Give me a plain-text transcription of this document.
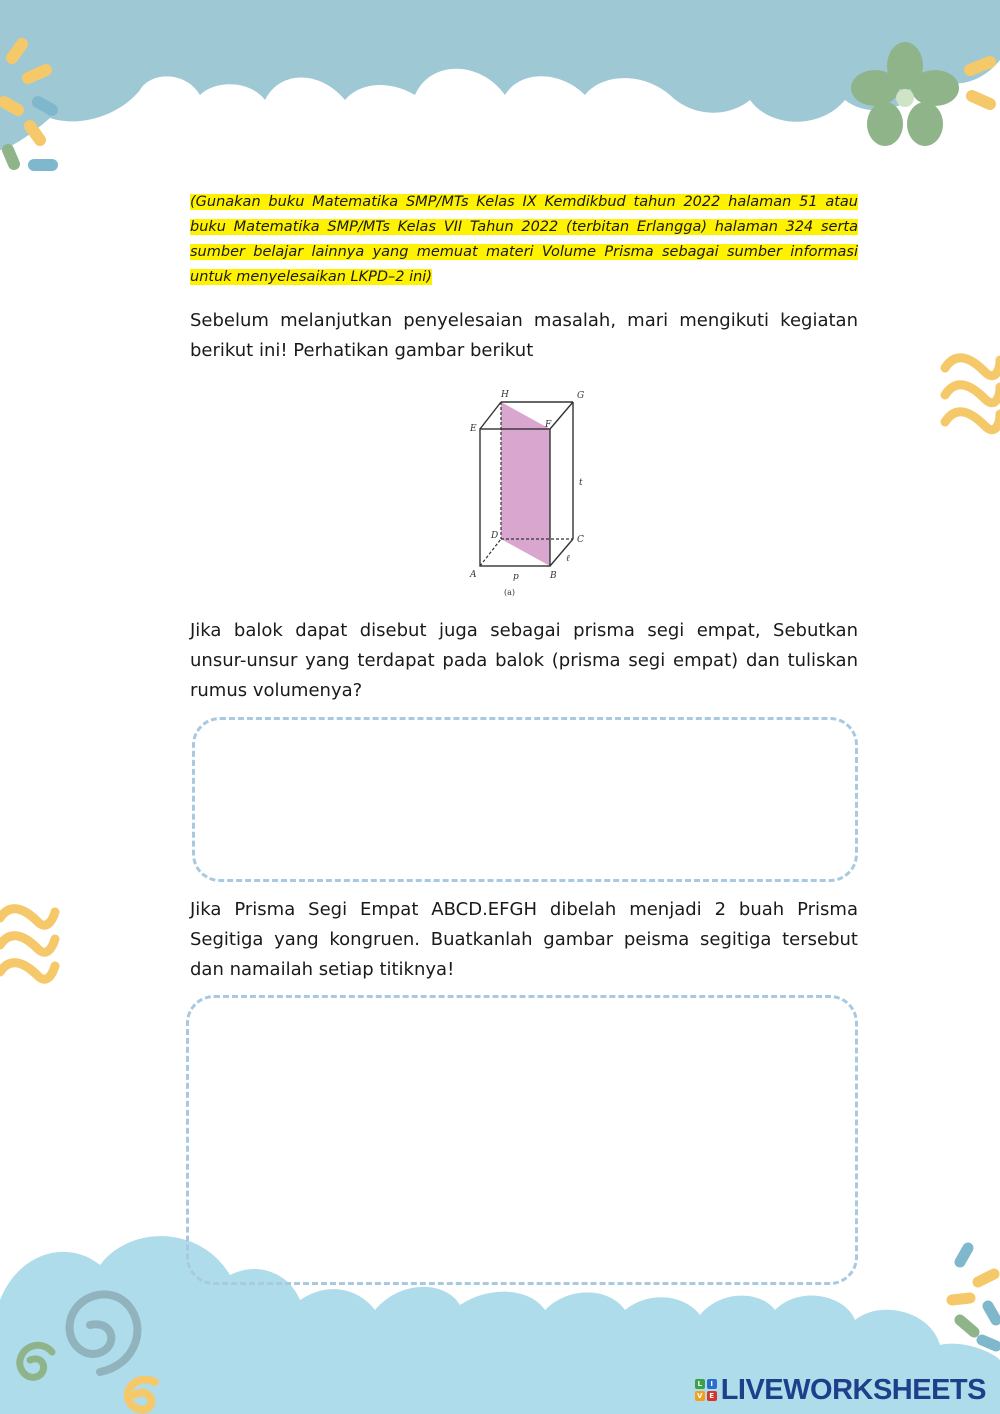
(Gunakan buku Matematika SMP/MTs Kelas IX Kemdikbud tahun 2022 halaman 51 atau buku Matematika SMP/MTs Kelas VII Tahun 2022 (terbitan Erlangga) halaman 324 serta sumber belajar lainnya yang memuat materi Volume Prisma sebagai sumber informasi untuk menyelesaikan LKPD–2 ini)

Sebelum melanjutkan penyelesaian masalah, mari mengikuti kegiatan berikut ini! Perhatikan gambar berikut

H	G
E	F
t
D	C
ℓ
A	p	B
(a)

Jika balok dapat disebut juga sebagai prisma segi empat, Sebutkan unsur-unsur yang terdapat pada balok (prisma segi empat) dan tuliskan rumus volumenya?

Jika Prisma Segi Empat ABCD.EFGH dibelah menjadi 2 buah Prisma Segitiga yang kongruen. Buatkanlah gambar peisma segitiga tersebut dan namailah setiap titiknya!

L	I
V E LIVEWORKSHEETS
